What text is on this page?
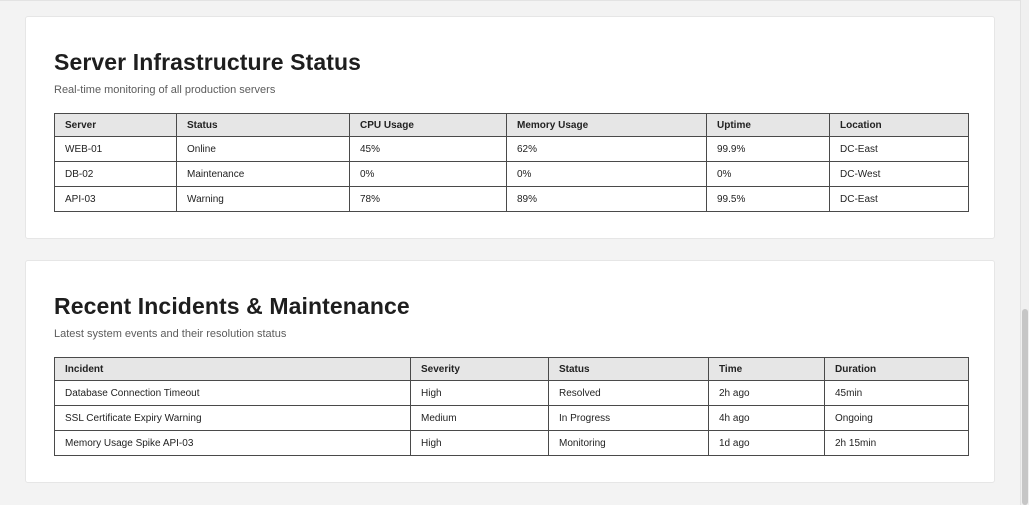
Server Infrastructure Status

Real-time monitoring of all production servers

Server	Status	CPU Usage	Memory Usage	Uptime	Location
WEB-01	Online	45%	62%	99.9%	DC-East
DB-02	Maintenance	0%	0%	0%	DC-West
API-03	Warning	78%	89%	99.5%	DC-East
Recent Incidents & Maintenance

Latest system events and their resolution status

Incident	Severity	Status	Time	Duration
Database Connection Timeout	High	Resolved	2h ago	45min
SSL Certificate Expiry Warning	Medium	In Progress	4h ago	Ongoing
Memory Usage Spike API-03	High	Monitoring	1d ago	2h 15min
